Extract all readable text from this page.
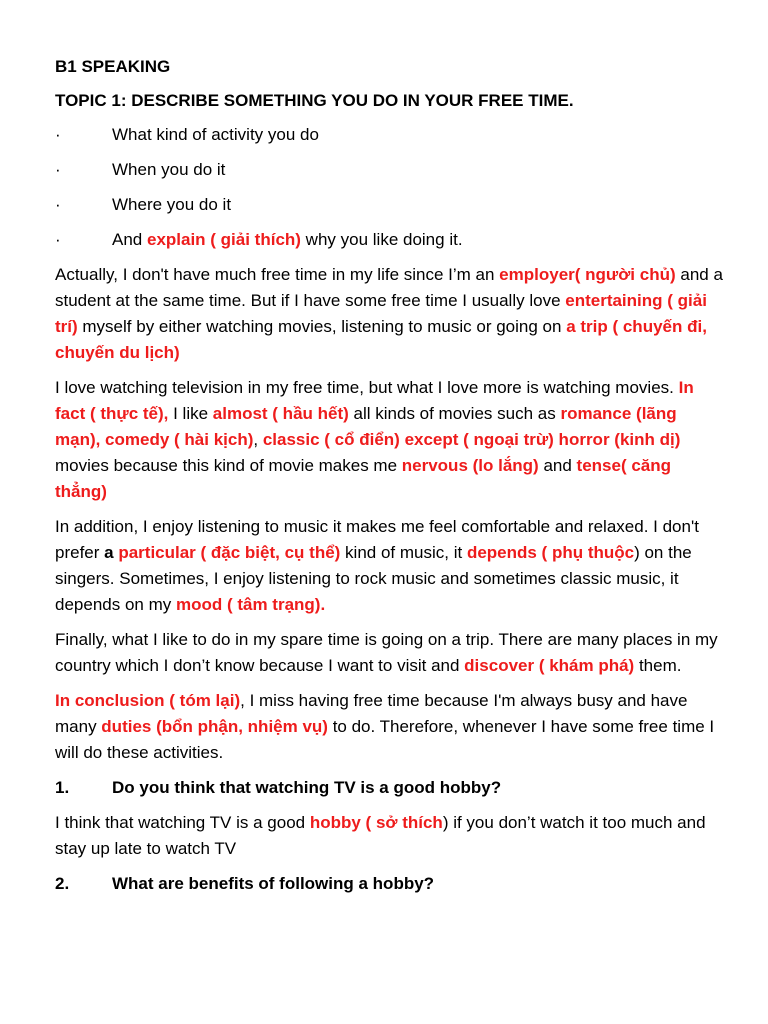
B1 SPEAKING
TOPIC 1: DESCRIBE SOMETHING YOU DO IN YOUR FREE TIME.
·	What kind of activity you do
·	When you do it
·	Where you do it
·	And explain ( giải thích) why you like doing it.

Actually, I don't have much free time in my life since I’m an employer( người chủ) and a student at the same time. But if I have some free time I usually love entertaining ( giải trí) myself by either watching movies, listening to music or going on a trip ( chuyến đi, chuyến du lịch)

I love watching television in my free time, but what I love more is watching movies. In fact ( thực tế), I like almost ( hầu hết) all kinds of movies such as romance (lãng mạn), comedy ( hài kịch), classic ( cổ điển) except ( ngoại trừ) horror (kinh dị) movies because this kind of movie makes me nervous (lo lắng) and tense( căng thẳng)

In addition, I enjoy listening to music it makes me feel comfortable and relaxed. I don't prefer a particular ( đặc biệt, cụ thể) kind of music, it depends ( phụ thuộc) on the singers. Sometimes, I enjoy listening to rock music and sometimes classic music, it depends on my mood ( tâm trạng).

Finally, what I like to do in my spare time is going on a trip. There are many places in my country which I don’t know because I want to visit and discover ( khám phá) them.

In conclusion ( tóm lại), I miss having free time because I'm always busy and have many duties (bổn phận, nhiệm vụ) to do. Therefore, whenever I have some free time I will do these activities.

1.	Do you think that watching TV is a good hobby?

I think that watching TV is a good hobby ( sở thích) if you don’t watch it too much and stay up late to watch TV

2.	What are benefits of following a hobby?
